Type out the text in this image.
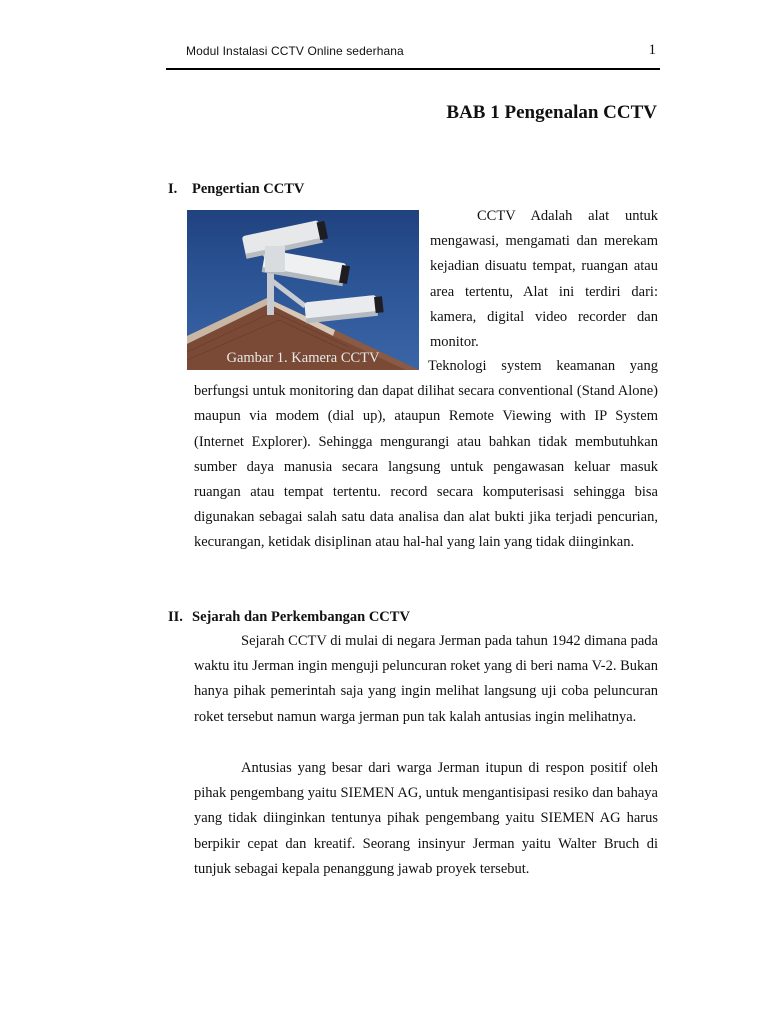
Modul Instalasi CCTV Online sederhana	1
BAB 1 Pengenalan CCTV
I. Pengertian CCTV
Gambar 1. Kamera CCTV

CCTV Adalah alat untuk mengawasi, mengamati dan merekam kejadian disuatu tempat, ruangan atau area tertentu, Alat ini terdiri dari: kamera, digital video recorder dan monitor.

Teknologi system keamanan yang berfungsi untuk monitoring dan dapat dilihat secara conventional (Stand Alone) maupun via modem (dial up), ataupun Remote Viewing with IP System (Internet Explorer). Sehingga mengurangi atau bahkan tidak membutuhkan sumber daya manusia secara langsung untuk pengawasan keluar masuk ruangan atau tempat tertentu. record secara komputerisasi sehingga bisa digunakan sebagai salah satu data analisa dan alat bukti jika terjadi pencurian, kecurangan, ketidak disiplinan atau hal-hal yang lain yang tidak diinginkan.

II. Sejarah dan Perkembangan CCTV

Sejarah CCTV di mulai di negara Jerman pada tahun 1942 dimana pada waktu itu Jerman ingin menguji peluncuran roket yang di beri nama V-2. Bukan hanya pihak pemerintah saja yang ingin melihat langsung uji coba peluncuran roket tersebut namun warga jerman pun tak kalah antusias ingin melihatnya.

Antusias yang besar dari warga Jerman itupun di respon positif oleh pihak pengembang yaitu SIEMEN AG, untuk mengantisipasi resiko dan bahaya yang tidak diinginkan tentunya pihak pengembang yaitu SIEMEN AG harus berpikir cepat dan kreatif. Seorang insinyur Jerman yaitu Walter Bruch di tunjuk sebagai kepala penanggung jawab proyek tersebut.
